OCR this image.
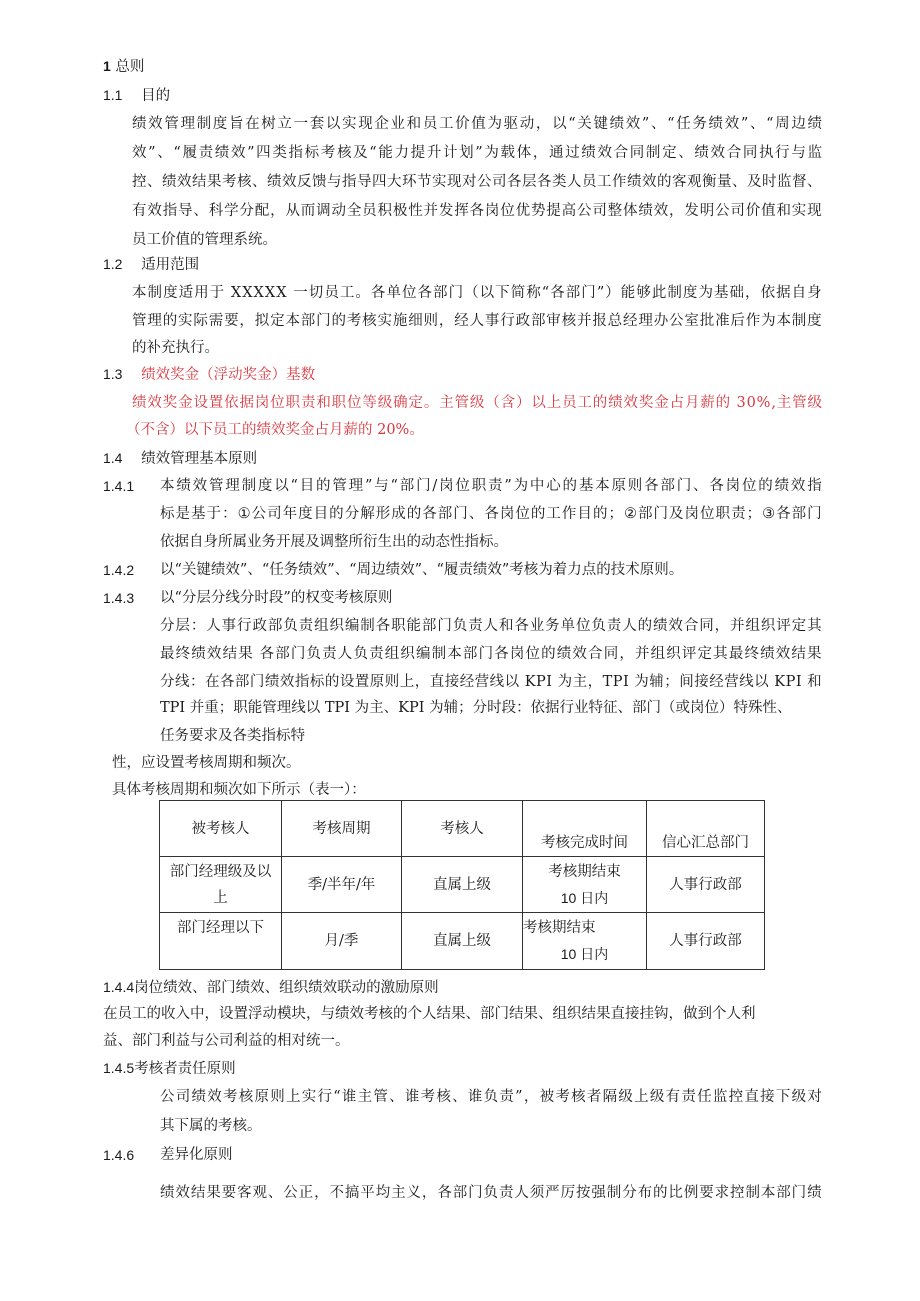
1 总则
1.1 目的
绩 效 管 理 制 度 旨 在 树 立 一 套 以 实 现 企 业 和 员 工 价 值 为 驱 动 ， 以 “ 关 键 绩 效 ” 、 “ 任 务 绩 效 ” 、 “ 周 边 绩
效 ” 、 “ 履 责 绩 效 ” 四 类 指 标 考 核 及 “ 能 力 提 升 计 划 ” 为 载 体 ， 通 过 绩 效 合 同 制 定 、 绩 效 合 同 执 行 与 监
控 、 绩 效 结 果 考 核 、 绩 效 反 馈 与 指 导 四 大 环 节 实 现 对 公 司 各 层 各 类 人 员 工 作 绩 效 的 客 观 衡 量 、 及 时 监 督 、
有 效 指 导 、 科 学 分 配 ， 从 而 调 动 全 员 积 极 性 并 发 挥 各 岗 位 优 势 提 高 公 司 整 体 绩 效 ， 发 明 公 司 价 值 和 实 现
员工价值的管理系统。
1.2 适用范围
本 制 度 适 用 于
X X X X X
一 切 员 工 。 各 单 位 各 部 门 （ 以 下 简 称 “ 各 部 门 ” ） 能 够 此 制 度 为 基 础 ， 依 据 自 身
管 理 的 实 际 需 要 ， 拟 定 本 部 门 的 考 核 实 施 细 则 ， 经 人 事 行 政 部 审 核 并 报 总 经 理 办 公 室 批 准 后 作 为 本 制 度
的补充执行。
1.3 绩效奖金（浮动奖金）基数
绩 效 奖 金 设 置 依 据 岗 位 职 责 和 职 位 等 级 确 定 。 主 管 级 （ 含 ） 以 上 员 工 的 绩 效 奖 金 占 月 薪 的
3 0 % , 主 管 级
（不含）以下员工的绩效奖金占月薪的 20%。
1.4 绩效管理基本原则
1.4.1 本 绩 效 管 理 制 度 以 “ 目 的 管 理 ” 与 “ 部 门 / 岗 位 职 责 ” 为 中 心 的 基 本 原 则 各 部 门 、 各 岗 位 的 绩 效 指
标 是 基 于 ： ① 公 司 年 度 目 的 分 解 形 成 的 各 部 门 、 各 岗 位 的 工 作 目 的 ； ② 部 门 及 岗 位 职 责 ； ③ 各 部 门
依据自身所属业务开展及调整所衍生出的动态性指标。
1.4.2 以“关键绩效”、“任务绩效”、“周边绩效”、“履责绩效”考核为着力点的技术原则。
1.4.3 以“分层分线分时段”的权变考核原则
分 层 ： 人 事 行 政 部 负 责 组 织 编 制 各 职 能 部 门 负 责 人 和 各 业 务 单 位 负 责 人 的 绩 效 合 同 ， 并 组 织 评 定 其
最 终 绩 效 结 果
各 部 门 负 责 人 负 责 组 织 编 制 本 部 门 各 岗 位 的 绩 效 合 同 ， 并 组 织 评 定 其 最 终 绩 效 结 果
分 线 ： 在 各 部 门 绩 效 指 标 的 设 置 原 则 上 ， 直 接 经 营 线 以
K P I
为 主 ， T P I
为 辅 ； 间 接 经 营 线 以
K P I
和
TPI 并重；职能管理线以 TPI 为主、KPI 为辅；分时段：依据行业特征、部门（或岗位）特殊性、
任务要求及各类指标特
性，应设置考核周期和频次。
具体考核周期和频次如下所示（表一）：
被考核人	考核周期	考核人	考核完成时间	信心汇总部门

部门经理级及以
上	季/半年/年	直属上级	考核期结束
10 日内	人事行政部
部门经理以下	月/季	直属上级	考核期结束
10 日内	人事行政部
1.4.4岗位绩效、部门绩效、组织绩效联动的激励原则
在员工的收入中，设置浮动模块，与绩效考核的个人结果、部门结果、组织结果直接挂钩，做到个人利
益、部门利益与公司利益的相对统一。
1.4.5考核者责任原则
公 司 绩 效 考 核 原 则 上 实 行 “ 谁 主 管 、 谁 考 核 、 谁 负 责 ” ， 被 考 核 者 隔 级 上 级 有 责 任 监 控 直 接 下 级 对
其下属的考核。
1.4.6 差异化原则
绩 效 结 果 要 客 观 、 公 正 ， 不 搞 平 均 主 义 ， 各 部 门 负 责 人 须 严 厉 按 强 制 分 布 的 比 例 要 求 控 制 本 部 门 绩
